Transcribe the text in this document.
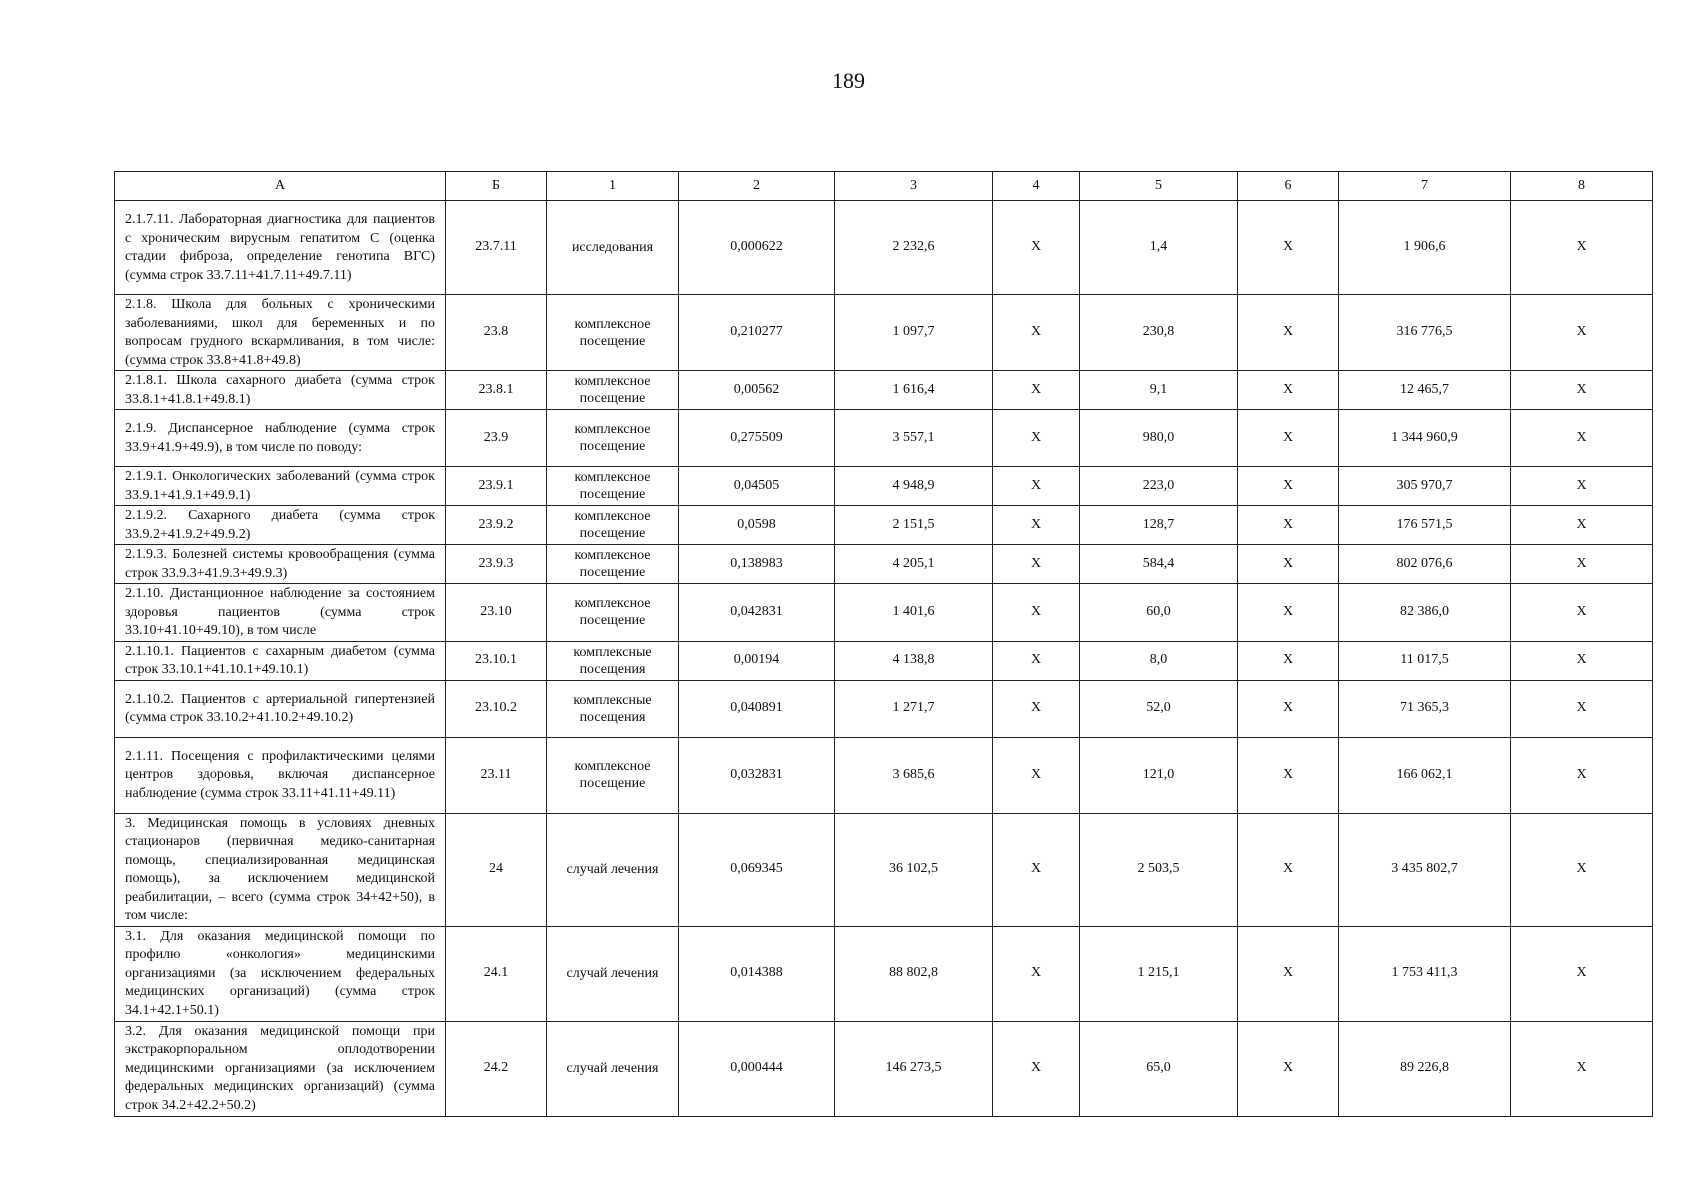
189
А	Б	1	2	3	4	5	6	7	8
2.1.7.11. Лабораторная диагностика для пациентов с хроническим вирусным гепатитом С (оценка стадии фиброза, определение генотипа ВГС) (сумма строк 33.7.11+41.7.11+49.7.11)	23.7.11	исследования	0,000622	2 232,6	Х	1,4	Х	1 906,6	Х
2.1.8. Школа для больных с хроническими заболеваниями, школ для беременных и по вопросам грудного вскармливания, в том числе: (сумма строк 33.8+41.8+49.8)	23.8	комплексное посещение	0,210277	1 097,7	Х	230,8	Х	316 776,5	Х
2.1.8.1. Школа сахарного диабета (сумма строк 33.8.1+41.8.1+49.8.1)	23.8.1	комплексное посещение	0,00562	1 616,4	Х	9,1	Х	12 465,7	Х
2.1.9. Диспансерное наблюдение (сумма строк 33.9+41.9+49.9), в том числе по поводу:	23.9	комплексное посещение	0,275509	3 557,1	Х	980,0	Х	1 344 960,9	Х
2.1.9.1. Онкологических заболеваний (сумма строк 33.9.1+41.9.1+49.9.1)	23.9.1	комплексное посещение	0,04505	4 948,9	Х	223,0	Х	305 970,7	Х
2.1.9.2. Сахарного диабета (сумма строк 33.9.2+41.9.2+49.9.2)	23.9.2	комплексное посещение	0,0598	2 151,5	Х	128,7	Х	176 571,5	Х
2.1.9.3. Болезней системы кровообращения (сумма строк 33.9.3+41.9.3+49.9.3)	23.9.3	комплексное посещение	0,138983	4 205,1	Х	584,4	Х	802 076,6	Х
2.1.10. Дистанционное наблюдение за состоянием здоровья пациентов (сумма строк 33.10+41.10+49.10), в том числе	23.10	комплексное посещение	0,042831	1 401,6	Х	60,0	Х	82 386,0	Х
2.1.10.1. Пациентов с сахарным диабетом (сумма строк 33.10.1+41.10.1+49.10.1)	23.10.1	комплексные посещения	0,00194	4 138,8	Х	8,0	Х	11 017,5	Х
2.1.10.2. Пациентов с артериальной гипертензией (сумма строк 33.10.2+41.10.2+49.10.2)	23.10.2	комплексные посещения	0,040891	1 271,7	Х	52,0	Х	71 365,3	Х
2.1.11. Посещения с профилактическими целями центров здоровья, включая диспансерное наблюдение (сумма строк 33.11+41.11+49.11)	23.11	комплексное посещение	0,032831	3 685,6	Х	121,0	Х	166 062,1	Х
3. Медицинская помощь в условиях дневных стационаров (первичная медико-санитарная помощь, специализированная медицинская помощь), за исключением медицинской реабилитации, – всего (сумма строк 34+42+50), в том числе:	24	случай лечения	0,069345	36 102,5	Х	2 503,5	Х	3 435 802,7	Х
3.1. Для оказания медицинской помощи по профилю «онкология» медицинскими организациями (за исключением федеральных медицинских организаций) (сумма строк 34.1+42.1+50.1)	24.1	случай лечения	0,014388	88 802,8	Х	1 215,1	Х	1 753 411,3	Х
3.2. Для оказания медицинской помощи при экстракорпоральном оплодотворении медицинскими организациями (за исключением федеральных медицинских организаций) (сумма строк 34.2+42.2+50.2)	24.2	случай лечения	0,000444	146 273,5	Х	65,0	Х	89 226,8	Х
